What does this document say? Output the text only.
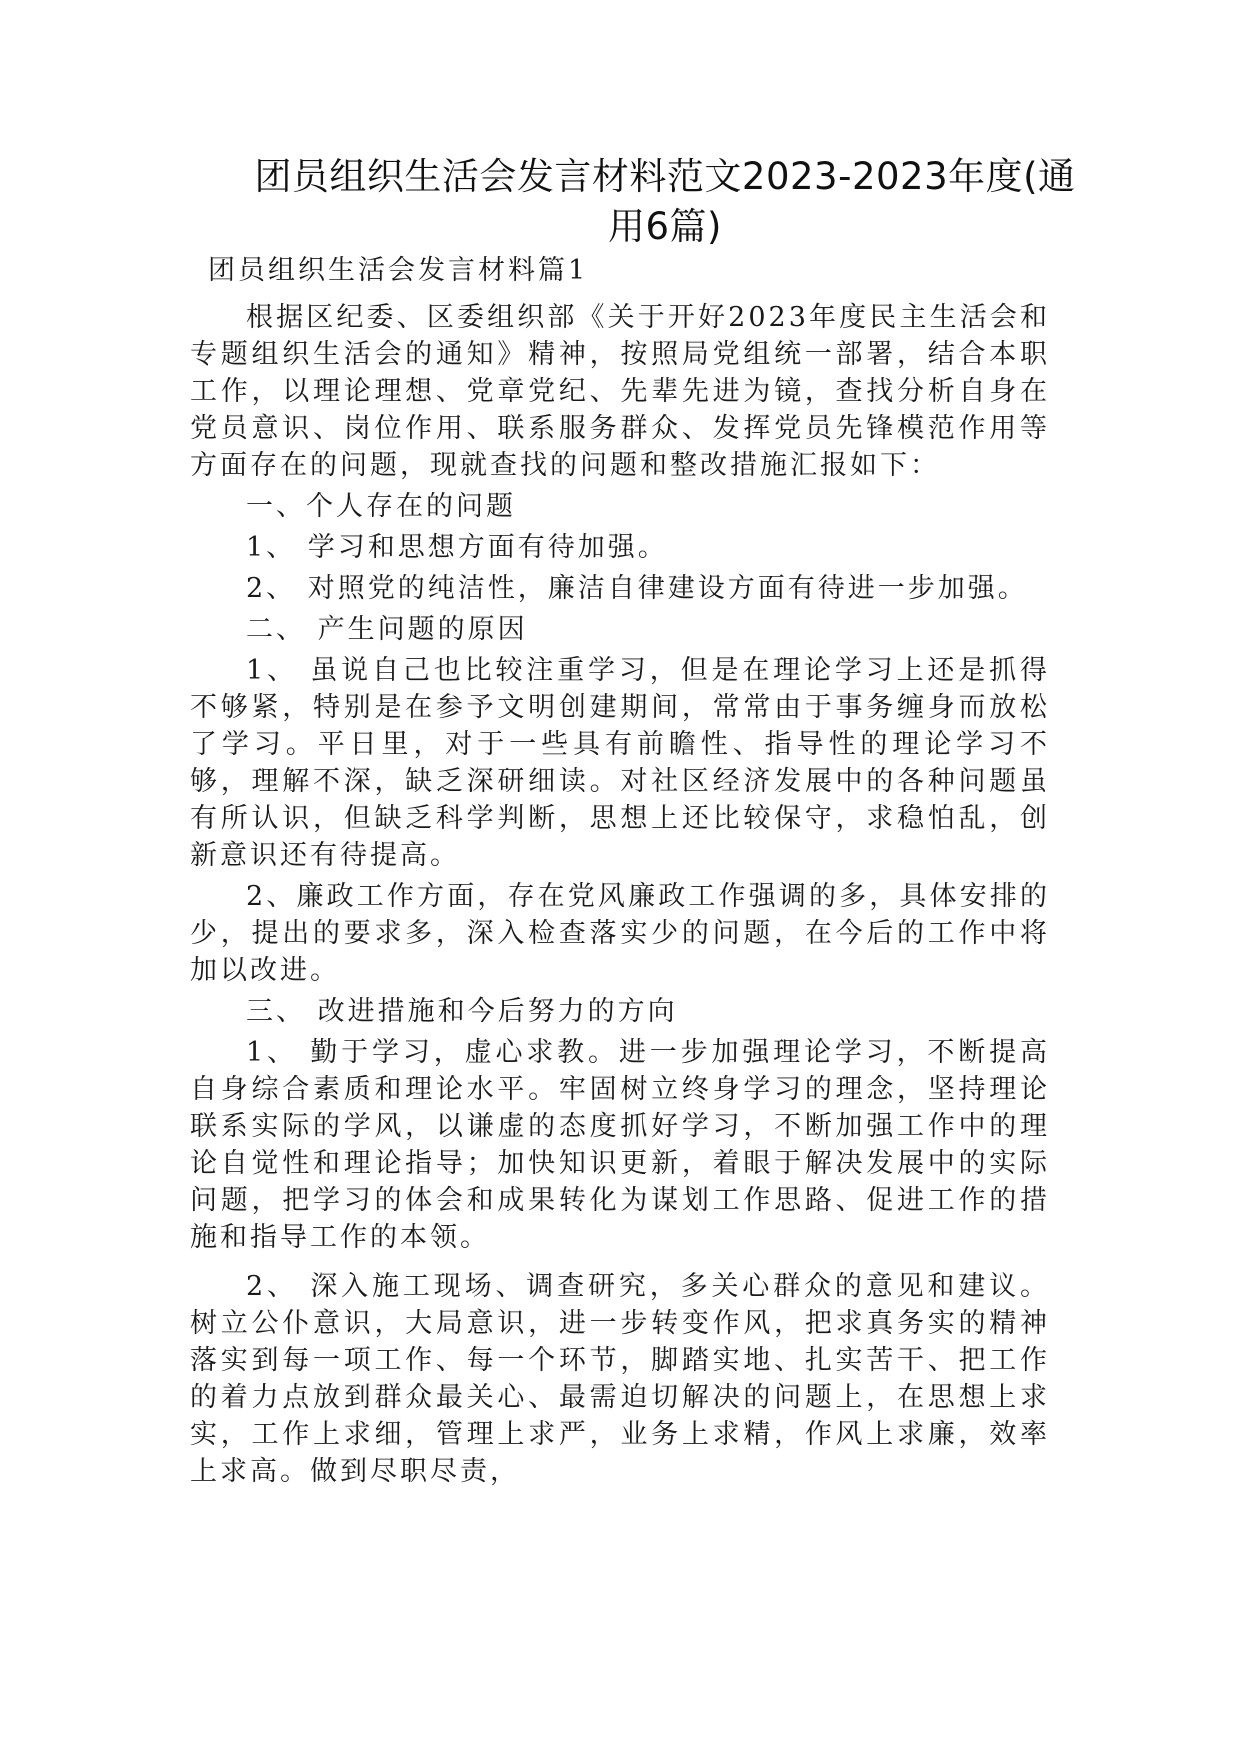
团员组织生活会发言材料范文2023-2023年度(通用6篇)

团员组织生活会发言材料篇1

根据区纪委、区委组织部《关于开好2023年度民主生活会和专题组织生活会的通知》精神，按照局党组统一部署，结合本职工作，以理论理想、党章党纪、先辈先进为镜，查找分析自身在党员意识、岗位作用、联系服务群众、发挥党员先锋模范作用等方面存在的问题，现就查找的问题和整改措施汇报如下：

一、个人存在的问题

1、 学习和思想方面有待加强。

2、 对照党的纯洁性，廉洁自律建设方面有待进一步加强。

二、 产生问题的原因

1、 虽说自己也比较注重学习，但是在理论学习上还是抓得不够紧，特别是在参予文明创建期间，常常由于事务缠身而放松了学习。平日里，对于一些具有前瞻性、指导性的理论学习不够，理解不深，缺乏深研细读。对社区经济发展中的各种问题虽有所认识，但缺乏科学判断，思想上还比较保守，求稳怕乱，创新意识还有待提高。

2、廉政工作方面，存在党风廉政工作强调的多，具体安排的少，提出的要求多，深入检查落实少的问题，在今后的工作中将加以改进。

三、 改进措施和今后努力的方向

1、 勤于学习，虚心求教。进一步加强理论学习，不断提高自身综合素质和理论水平。牢固树立终身学习的理念，坚持理论联系实际的学风，以谦虚的态度抓好学习，不断加强工作中的理论自觉性和理论指导；加快知识更新，着眼于解决发展中的实际问题，把学习的体会和成果转化为谋划工作思路、促进工作的措施和指导工作的本领。

2、 深入施工现场、调查研究，多关心群众的意见和建议。树立公仆意识，大局意识，进一步转变作风，把求真务实的精神落实到每一项工作、每一个环节，脚踏实地、扎实苦干、把工作的着力点放到群众最关心、最需迫切解决的问题上，在思想上求实，工作上求细，管理上求严，业务上求精，作风上求廉，效率上求高。做到尽职尽责，
